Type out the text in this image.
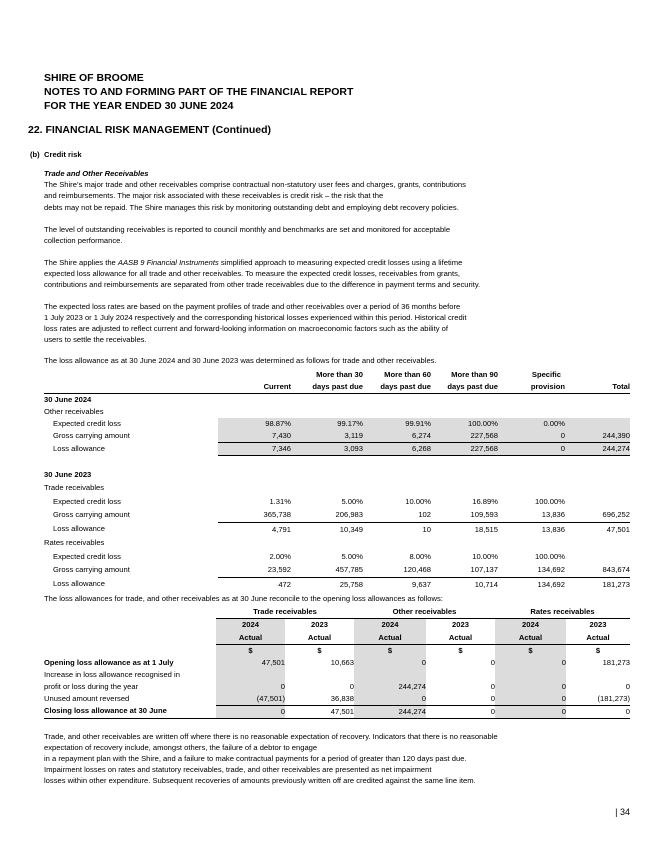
SHIRE OF BROOME
NOTES TO AND FORMING PART OF THE FINANCIAL REPORT
FOR THE YEAR ENDED 30 JUNE 2024
22. FINANCIAL RISK MANAGEMENT (Continued)
(b) Credit risk
Trade and Other Receivables
The Shire’s major trade and other receivables comprise contractual non-statutory user fees and charges, grants, contributions
and reimbursements. The major risk associated with these receivables is credit risk – the risk that the
debts may not be repaid. The Shire manages this risk by monitoring outstanding debt and employing debt recovery policies.
The level of outstanding receivables is reported to council monthly and benchmarks are set and monitored for acceptable
collection performance.
The Shire applies the AASB 9 Financial Instruments simplified approach to measuring expected credit losses using a lifetime
expected loss allowance for all trade and other receivables. To measure the expected credit losses, receivables from grants,
contributions and reimbursements are separated from other trade receivables due to the difference in payment terms and security.
The expected loss rates are based on the payment profiles of trade and other receivables over a period of 36 months before
1 July 2023 or 1 July 2024 respectively and the corresponding historical losses experienced within this period. Historical credit
loss rates are adjusted to reflect current and forward-looking information on macroeconomic factors such as the ability of
users to settle the receivables.
The loss allowance as at 30 June 2024 and 30 June 2023 was determined as follows for trade and other receivables.
		More than 30	More than 60	More than 90	Specific	
	Current	days past due	days past due	days past due	provision	Total
30 June 2024						
Other receivables						
Expected credit loss	98.87%	99.17%	99.91%	100.00%	0.00%	
Gross carrying amount	7,430	3,119	6,274	227,568	0	244,390
Loss allowance	7,346	3,093	6,268	227,568	0	244,274

30 June 2023						
Trade receivables						
Expected credit loss	1.31%	5.00%	10.00%	16.89%	100.00%	
Gross carrying amount	365,738	206,983	102	109,593	13,836	696,252
Loss allowance	4,791	10,349	10	18,515	13,836	47,501
Rates receivables						
Expected credit loss	2.00%	5.00%	8.00%	10.00%	100.00%	
Gross carrying amount	23,592	457,785	120,468	107,137	134,692	843,674
Loss allowance	472	25,758	9,637	10,714	134,692	181,273
The loss allowances for trade, and other receivables as at 30 June reconcile to the opening loss allowances as follows:
	Trade receivables		Other receivables		Rates receivables	
	2024	2023	2024	2023	2024	2023
	Actual	Actual	Actual	Actual	Actual	Actual
	$	$	$	$	$	$
Opening loss allowance as at 1 July	47,501	10,663	0	0	0	181,273
Increase in loss allowance recognised in						
profit or loss during the year	0	0	244,274	0	0	0
Unused amount reversed	(47,501)	36,838	0	0	0	(181,273)
Closing loss allowance at 30 June	0	47,501	244,274	0	0	0
Trade, and other receivables are written off where there is no reasonable expectation of recovery. Indicators that there is no reasonable
expectation of recovery include, amongst others, the failure of a debtor to engage
in a repayment plan with the Shire, and a failure to make contractual payments for a period of greater than 120 days past due.
Impairment losses on rates and statutory receivables, trade, and other receivables are presented as net impairment
losses within other expenditure. Subsequent recoveries of amounts previously written off are credited against the same line item.
| 34
